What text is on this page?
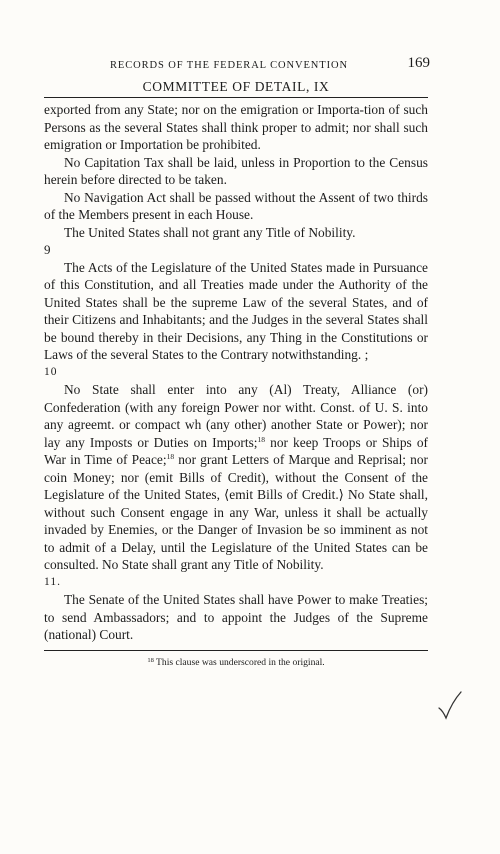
RECORDS OF THE FEDERAL CONVENTION	169
COMMITTEE OF DETAIL, IX

exported from any State; nor on the emigration or Importa-tion of such Persons as the several States shall think proper to admit; nor shall such emigration or Importation be prohibited.

No Capitation Tax shall be laid, unless in Proportion to the Census herein before directed to be taken.

No Navigation Act shall be passed without the Assent of two thirds of the Members present in each House.

The United States shall not grant any Title of Nobility.

9

The Acts of the Legislature of the United States made in Pursuance of this Constitution, and all Treaties made under the Authority of the United States shall be the supreme Law of the several States, and of their Citizens and Inhabitants; and the Judges in the several States shall be bound thereby in their Decisions, any Thing in the Constitutions or Laws of the several States to the Contrary notwithstanding. ;

10

No State shall enter into any (Al) Treaty, Alliance (or) Confederation (with any foreign Power nor witht. Const. of U. S. into any agreemt. or compact wh (any other) another State or Power); nor lay any Imposts or Duties on Imports;$^{18}$ nor keep Troops or Ships of War in Time of Peace;$^{18}$ nor grant Letters of Marque and Reprisal; nor coin Money; nor (emit Bills of Credit), without the Consent of the Legislature of the United States, ⟨emit Bills of Credit.⟩ No State shall, without such Consent engage in any War, unless it shall be actually invaded by Enemies, or the Danger of Invasion be so imminent as not to admit of a Delay, until the Legislature of the United States can be consulted. No State shall grant any Title of Nobility.

11.

The Senate of the United States shall have Power to make Treaties; to send Ambassadors; and to appoint the Judges of the Supreme (national) Court.

$^{18}$ This clause was underscored in the original.
